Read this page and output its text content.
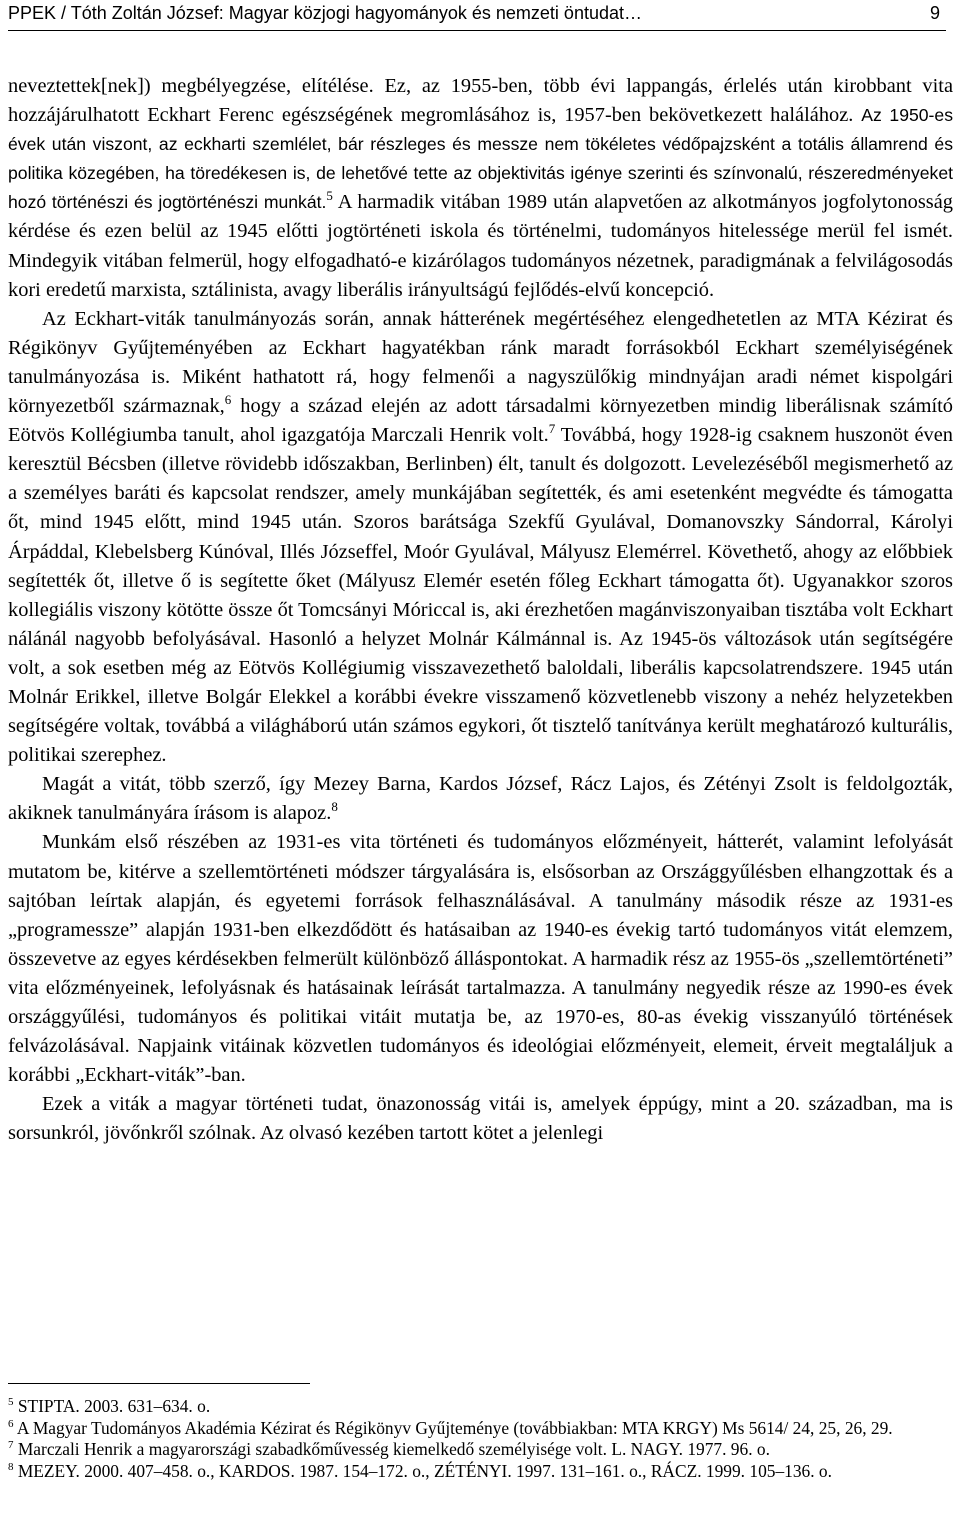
PPEK / Tóth Zoltán József: Magyar közjogi hagyományok és nemzeti öntudat…	9

neveztettek[nek]) megbélyegzése, elítélése. Ez, az 1955-ben, több évi lappangás, érlelés után kirobbant vita hozzájárulhatott Eckhart Ferenc egészségének megromlásához is, 1957-ben bekövetkezett halálához. Az 1950-es évek után viszont, az eckharti szemlélet, bár részleges és messze nem tökéletes védőpajzsként a totális államrend és politika közegében, ha töredékesen is, de lehetővé tette az objektivitás igénye szerinti és színvonalú, részeredményeket hozó történészi és jogtörténészi munkát.$^5$ A harmadik vitában 1989 után alapvetően az alkotmányos jogfolytonosság kérdése és ezen belül az 1945 előtti jogtörténeti iskola és történelmi, tudományos hitelessége merül fel ismét. Mindegyik vitában felmerül, hogy elfogadható-e kizárólagos tudományos nézetnek, paradigmának a felvilágosodás kori eredetű marxista, sztálinista, avagy liberális irányultságú fejlődés-elvű koncepció.

Az Eckhart-viták tanulmányozás során, annak hátterének megértéséhez elengedhetetlen az MTA Kézirat és Régikönyv Gyűjteményében az Eckhart hagyatékban ránk maradt forrásokból Eckhart személyiségének tanulmányozása is. Miként hathatott rá, hogy felmenői a nagyszülőkig mindnyájan aradi német kispolgári környezetből származnak,$^6$ hogy a század elején az adott társadalmi környezetben mindig liberálisnak számító Eötvös Kollégiumba tanult, ahol igazgatója Marczali Henrik volt.$^7$ Továbbá, hogy 1928-ig csaknem huszonöt éven keresztül Bécsben (illetve rövidebb időszakban, Berlinben) élt, tanult és dolgozott. Levelezéséből megismerhető az a személyes baráti és kapcsolat rendszer, amely munkájában segítették, és ami esetenként megvédte és támogatta őt, mind 1945 előtt, mind 1945 után. Szoros barátsága Szekfű Gyulával, Domanovszky Sándorral, Károlyi Árpáddal, Klebelsberg Kúnóval, Illés Józseffel, Moór Gyulával, Mályusz Elemérrel. Követhető, ahogy az előbbiek segítették őt, illetve ő is segítette őket (Mályusz Elemér esetén főleg Eckhart támogatta őt). Ugyanakkor szoros kollegiális viszony kötötte össze őt Tomcsányi Móriccal is, aki érezhetően magánviszonyaiban tisztába volt Eckhart nálánál nagyobb befolyásával. Hasonló a helyzet Molnár Kálmánnal is. Az 1945-ös változások után segítségére volt, a sok esetben még az Eötvös Kollégiumig visszavezethető baloldali, liberális kapcsolatrendszere. 1945 után Molnár Erikkel, illetve Bolgár Elekkel a korábbi évekre visszamenő közvetlenebb viszony a nehéz helyzetekben segítségére voltak, továbbá a világháború után számos egykori, őt tisztelő tanítványa került meghatározó kulturális, politikai szerephez.

Magát a vitát, több szerző, így Mezey Barna, Kardos József, Rácz Lajos, és Zétényi Zsolt is feldolgozták, akiknek tanulmányára írásom is alapoz.$^8$

Munkám első részében az 1931-es vita történeti és tudományos előzményeit, hátterét, valamint lefolyását mutatom be, kitérve a szellemtörténeti módszer tárgyalására is, elsősorban az Országgyűlésben elhangzottak és a sajtóban leírtak alapján, és egyetemi források felhasználásával. A tanulmány második része az 1931-es „programessze” alapján 1931-ben elkezdődött és hatásaiban az 1940-es évekig tartó tudományos vitát elemzem, összevetve az egyes kérdésekben felmerült különböző álláspontokat. A harmadik rész az 1955-ös „szellemtörténeti” vita előzményeinek, lefolyásnak és hatásainak leírását tartalmazza. A tanulmány negyedik része az 1990-es évek országgyűlési, tudományos és politikai vitáit mutatja be, az 1970-es, 80-as évekig visszanyúló történések felvázolásával. Napjaink vitáinak közvetlen tudományos és ideológiai előzményeit, elemeit, érveit megtaláljuk a korábbi „Eckhart-viták”-ban.

Ezek a viták a magyar történeti tudat, önazonosság vitái is, amelyek éppúgy, mint a 20. században, ma is sorsunkról, jövőnkről szólnak. Az olvasó kezében tartott kötet a jelenlegi

$^5$ STIPTA. 2003. 631–634. o.

$^6$ A Magyar Tudományos Akadémia Kézirat és Régikönyv Gyűjteménye (továbbiakban: MTA KRGY) Ms 5614/ 24, 25, 26, 29.

$^7$ Marczali Henrik a magyarországi szabadkőművesség kiemelkedő személyisége volt. L. NAGY. 1977. 96. o.

$^8$ MEZEY. 2000. 407–458. o., KARDOS. 1987. 154–172. o., ZÉTÉNYI. 1997. 131–161. o., RÁCZ. 1999. 105–136. o.
